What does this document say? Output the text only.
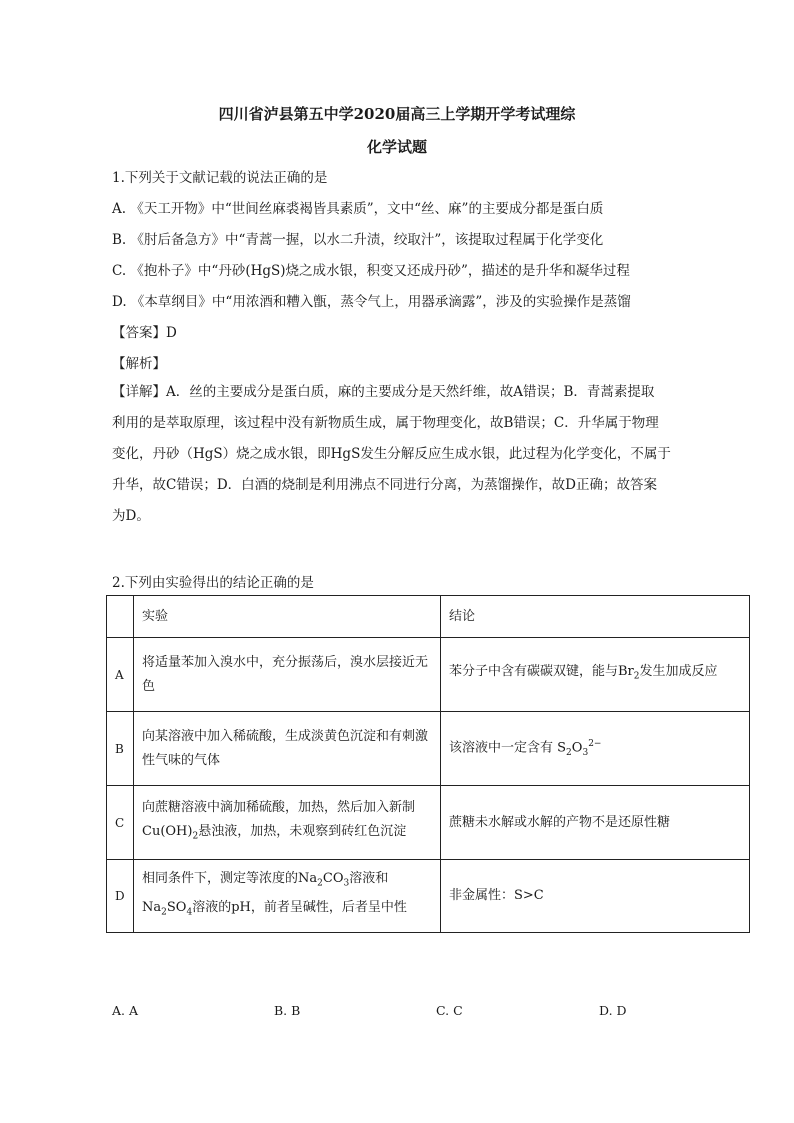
四川省泸县第五中学2020届高三上学期开学考试理综
化学试题
1.下列关于文献记载的说法正确的是
A. 《天工开物》中“世间丝麻裘褐皆具素质”，文中“丝、麻”的主要成分都是蛋白质
B. 《肘后备急方》中“青蒿一握，以水二升渍，绞取汁”，该提取过程属于化学变化
C. 《抱朴子》中“丹砂(HgS)烧之成水银，积变又还成丹砂”，描述的是升华和凝华过程
D. 《本草纲目》中“用浓酒和糟入甑，蒸令气上，用器承滴露”，涉及的实验操作是蒸馏
【答案】D
【解析】
【详解】A．丝的主要成分是蛋白质，麻的主要成分是天然纤维，故A错误；B．青蒿素提取
利用的是萃取原理，该过程中没有新物质生成，属于物理变化，故B错误；C．升华属于物理
变化，丹砂（HgS）烧之成水银，即HgS发生分解反应生成水银，此过程为化学变化，不属于
升华，故C错误；D．白酒的烧制是利用沸点不同进行分离，为蒸馏操作，故D正确；故答案
为D。
2.下列由实验得出的结论正确的是
	实验	结论
A	将适量苯加入溴水中，充分振荡后，溴水层接近无色	苯分子中含有碳碳双键，能与$Br_2$发生加成反应
B	向某溶液中加入稀硫酸，生成淡黄色沉淀和有刺激性气味的气体	该溶液中一定含有 $S_2O_3^{2-}$
C	向蔗糖溶液中滴加稀硫酸，加热，然后加入新制$Cu(OH)_2$悬浊液，加热，未观察到砖红色沉淀	蔗糖未水解或水解的产物不是还原性糖
D	相同条件下，测定等浓度的$Na_2CO_3$溶液和$Na_2SO_4$溶液的pH，前者呈碱性，后者呈中性	非金属性：S>C
A. A	B. B	C. C	D. D
